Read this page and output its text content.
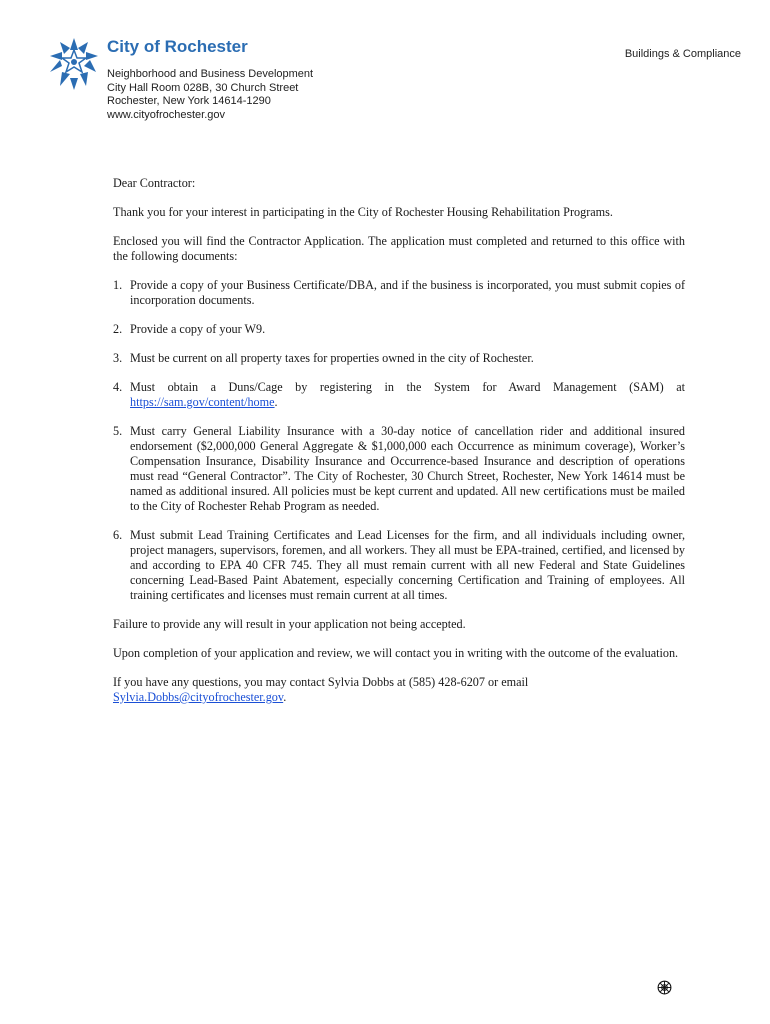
City of Rochester	Buildings & Compliance
Neighborhood and Business Development
City Hall Room 028B, 30 Church Street
Rochester, New York 14614-1290
www.cityofrochester.gov

Dear Contractor:

Thank you for your interest in participating in the City of Rochester Housing Rehabilitation Programs.

Enclosed you will find the Contractor Application. The application must completed and returned to this office with the following documents:

1. Provide a copy of your Business Certificate/DBA, and if the business is incorporated, you must submit copies of incorporation documents.
2. Provide a copy of your W9.
3. Must be current on all property taxes for properties owned in the city of Rochester.
4. Must obtain a Duns/Cage by registering in the System for Award Management (SAM) at https://sam.gov/content/home.
5. Must carry General Liability Insurance with a 30-day notice of cancellation rider and additional insured endorsement ($2,000,000 General Aggregate & $1,000,000 each Occurrence as minimum coverage), Worker’s Compensation Insurance, Disability Insurance and Occurrence-based Insurance and description of operations must read “General Contractor”. The City of Rochester, 30 Church Street, Rochester, New York 14614 must be named as additional insured. All policies must be kept current and updated. All new certifications must be mailed to the City of Rochester Rehab Program as needed.
6. Must submit Lead Training Certificates and Lead Licenses for the firm, and all individuals including owner, project managers, supervisors, foremen, and all workers. They all must be EPA-trained, certified, and licensed by and according to EPA 40 CFR 745. They all must remain current with all new Federal and State Guidelines concerning Lead-Based Paint Abatement, especially concerning Certification and Training of employees. All training certificates and licenses must remain current at all times.

Failure to provide any will result in your application not being accepted.

Upon completion of your application and review, we will contact you in writing with the outcome of the evaluation.

If you have any questions, you may contact Sylvia Dobbs at (585) 428-6207 or email
Sylvia.Dobbs@cityofrochester.gov.
